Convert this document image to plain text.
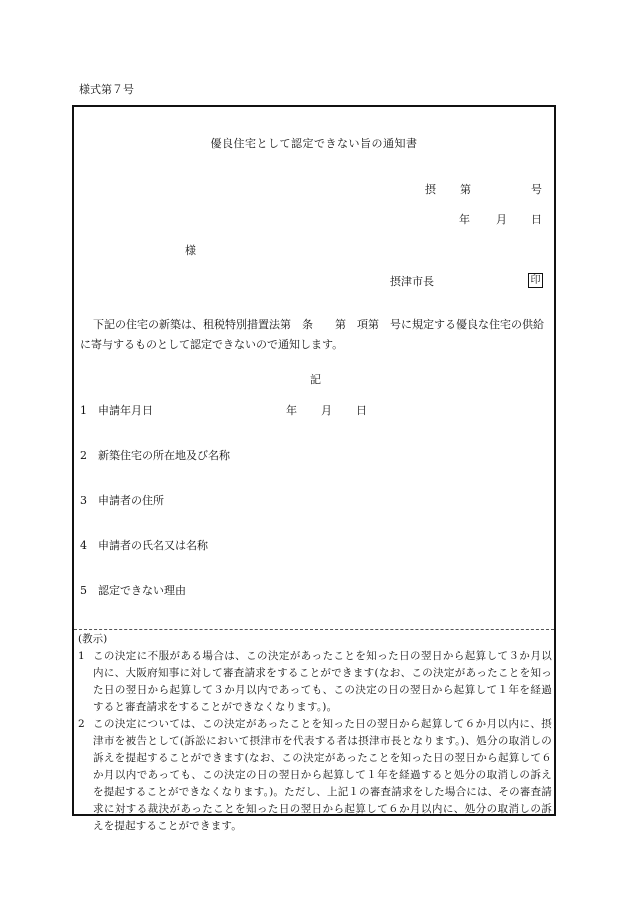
様式第７号
優良住宅として認定できない旨の通知書
摂 第	号
年 月 日
様
摂津市長	印
下記の住宅の新築は、租税特別措置法第　条　　第　項第　号に規定する優良な住宅の供給に寄与するものとして認定できないので通知します。
記
1 申請年月日	年 月 日
2 新築住宅の所在地及び名称
3 申請者の住所
4 申請者の氏名又は名称
5 認定できない理由
(教示)
1 この決定に不服がある場合は、この決定があったことを知った日の翌日から起算して３か月以内に、大阪府知事に対して審査請求をすることができます(なお、この決定があったことを知った日の翌日から起算して３か月以内であっても、この決定の日の翌日から起算して１年を経過すると審査請求をすることができなくなります。)。
2 この決定については、この決定があったことを知った日の翌日から起算して６か月以内に、摂津市を被告として(訴訟において摂津市を代表する者は摂津市長となります。)、処分の取消しの訴えを提起することができます(なお、この決定があったことを知った日の翌日から起算して６か月以内であっても、この決定の日の翌日から起算して１年を経過すると処分の取消しの訴えを提起することができなくなります。)。ただし、上記１の審査請求をした場合には、その審査請求に対する裁決があったことを知った日の翌日から起算して６か月以内に、処分の取消しの訴えを提起することができます。
